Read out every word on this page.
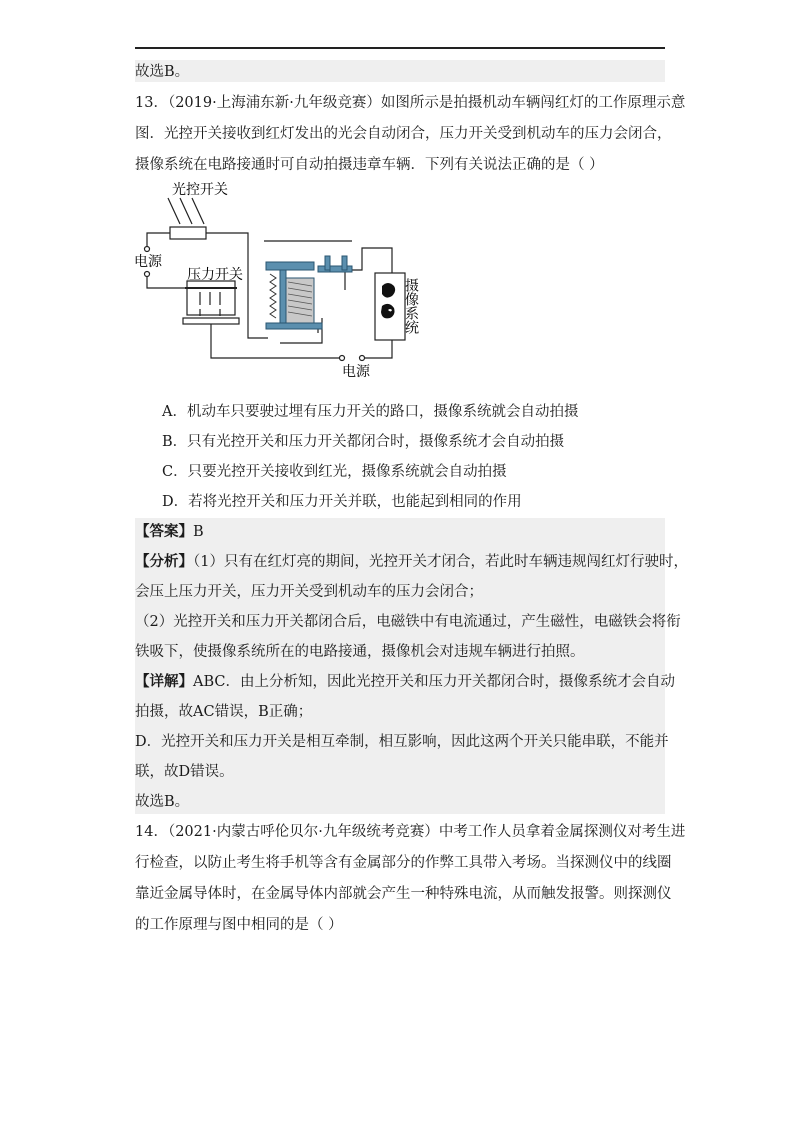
故选B。
13．（2019·上海浦东新·九年级竞赛）如图所示是拍摄机动车辆闯红灯的工作原理示意
图．光控开关接收到红灯发出的光会自动闭合，压力开关受到机动车的压力会闭合，
摄像系统在电路接通时可自动拍摄违章车辆．下列有关说法正确的是（ ）
光控开关
电源
压力开关
电源
摄像系统
A．机动车只要驶过埋有压力开关的路口，摄像系统就会自动拍摄
B．只有光控开关和压力开关都闭合时，摄像系统才会自动拍摄
C．只要光控开关接收到红光，摄像系统就会自动拍摄
D．若将光控开关和压力开关并联，也能起到相同的作用
【答案】B
【分析】（1）只有在红灯亮的期间，光控开关才闭合，若此时车辆违规闯红灯行驶时，
会压上压力开关，压力开关受到机动车的压力会闭合；
（2）光控开关和压力开关都闭合后，电磁铁中有电流通过，产生磁性，电磁铁会将衔
铁吸下，使摄像系统所在的电路接通，摄像机会对违规车辆进行拍照。
【详解】ABC．由上分析知，因此光控开关和压力开关都闭合时，摄像系统才会自动
拍摄，故AC错误，B正确；
D．光控开关和压力开关是相互牵制，相互影响，因此这两个开关只能串联，不能并
联，故D错误。
故选B。
14．（2021·内蒙古呼伦贝尔·九年级统考竞赛）中考工作人员拿着金属探测仪对考生进
行检查，以防止考生将手机等含有金属部分的作弊工具带入考场。当探测仪中的线圈
靠近金属导体时，在金属导体内部就会产生一种特殊电流，从而触发报警。则探测仪
的工作原理与图中相同的是（ ）
